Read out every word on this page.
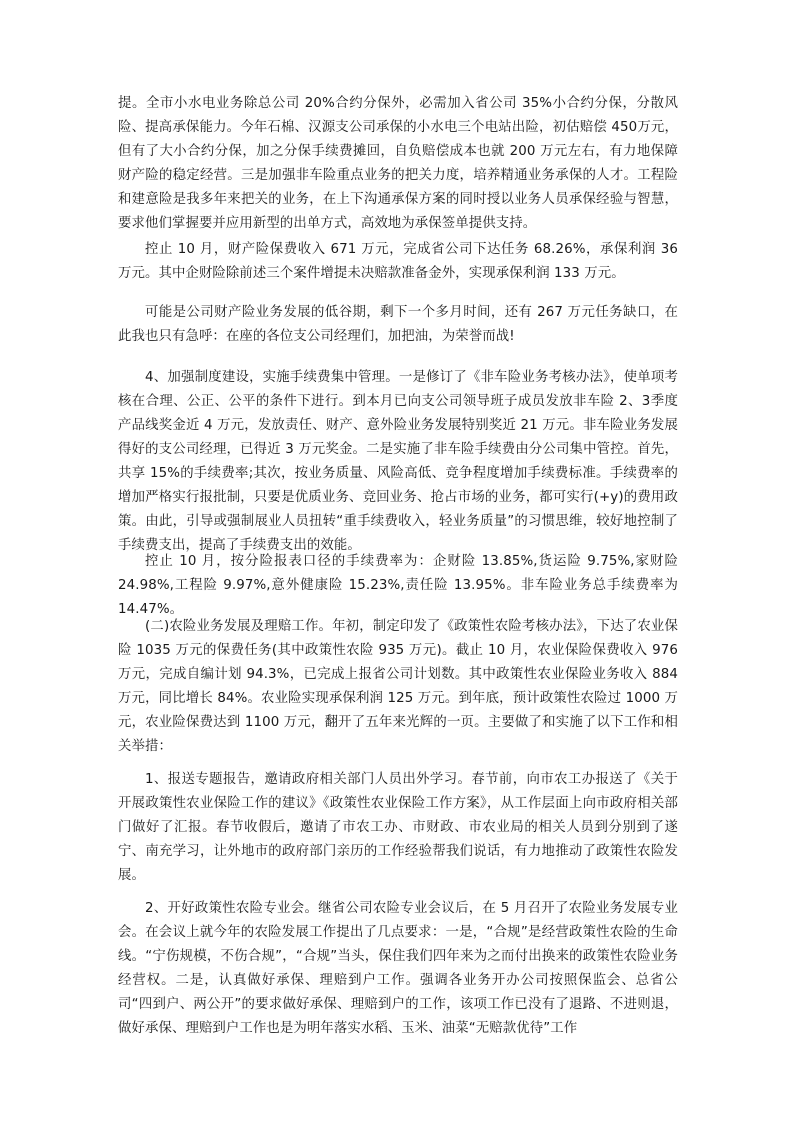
提。全市小水电业务除总公司 20%合约分保外，必需加入省公司 35%小合约分保，分散风险、提高承保能力。今年石棉、汉源支公司承保的小水电三个电站出险，初估赔偿 450万元，但有了大小合约分保，加之分保手续费摊回，自负赔偿成本也就 200 万元左右，有力地保障财产险的稳定经营。三是加强非车险重点业务的把关力度，培养精通业务承保的人才。工程险和建意险是我多年来把关的业务，在上下沟通承保方案的同时授以业务人员承保经验与智慧，要求他们掌握要并应用新型的出单方式，高效地为承保签单提供支持。

控止 10 月，财产险保费收入 671 万元，完成省公司下达任务 68.26%，承保利润 36 万元。其中企财险除前述三个案件增提未决赔款准备金外，实现承保利润 133 万元。

可能是公司财产险业务发展的低谷期，剩下一个多月时间，还有 267 万元任务缺口，在此我也只有急呼：在座的各位支公司经理们，加把油，为荣誉而战!

4、加强制度建设，实施手续费集中管理。一是修订了《非车险业务考核办法》，使单项考核在合理、公正、公平的条件下进行。到本月已向支公司领导班子成员发放非车险 2、3季度产品线奖金近 4 万元，发放责任、财产、意外险业务发展特别奖近 21 万元。非车险业务发展得好的支公司经理，已得近 3 万元奖金。二是实施了非车险手续费由分公司集中管控。首先，共享 15%的手续费率;其次，按业务质量、风险高低、竞争程度增加手续费标准。手续费率的增加严格实行报批制，只要是优质业务、竞回业务、抢占市场的业务，都可实行(+y)的费用政策。由此，引导或强制展业人员扭转“重手续费收入，轻业务质量”的习惯思维，较好地控制了手续费支出，提高了手续费支出的效能。

控止 10 月，按分险报表口径的手续费率为：企财险 13.85%,货运险 9.75%,家财险 24.98%,工程险 9.97%,意外健康险 15.23%,责任险 13.95%。非车险业务总手续费率为 14.47%。

(二)农险业务发展及理赔工作。年初，制定印发了《政策性农险考核办法》，下达了农业保险 1035 万元的保费任务(其中政策性农险 935 万元)。截止 10 月，农业保险保费收入 976 万元，完成自编计划 94.3%，已完成上报省公司计划数。其中政策性农业保险业务收入 884 万元，同比增长 84%。农业险实现承保利润 125 万元。到年底，预计政策性农险过 1000 万元，农业险保费达到 1100 万元，翻开了五年来光辉的一页。主要做了和实施了以下工作和相关举措：

1、报送专题报告，邀请政府相关部门人员出外学习。春节前，向市农工办报送了《关于开展政策性农业保险工作的建议》《政策性农业保险工作方案》，从工作层面上向市政府相关部门做好了汇报。春节收假后，邀请了市农工办、市财政、市农业局的相关人员到分别到了遂宁、南充学习，让外地市的政府部门亲历的工作经验帮我们说话，有力地推动了政策性农险发展。

2、开好政策性农险专业会。继省公司农险专业会议后，在 5 月召开了农险业务发展专业会。在会议上就今年的农险发展工作提出了几点要求：一是，“合规”是经营政策性农险的生命线。“宁伤规模，不伤合规”，“合规”当头，保住我们四年来为之而付出换来的政策性农险业务经营权。二是，认真做好承保、理赔到户工作。强调各业务开办公司按照保监会、总省公司“四到户、两公开”的要求做好承保、理赔到户的工作，该项工作已没有了退路、不进则退，做好承保、理赔到户工作也是为明年落实水稻、玉米、油菜“无赔款优待”工作
